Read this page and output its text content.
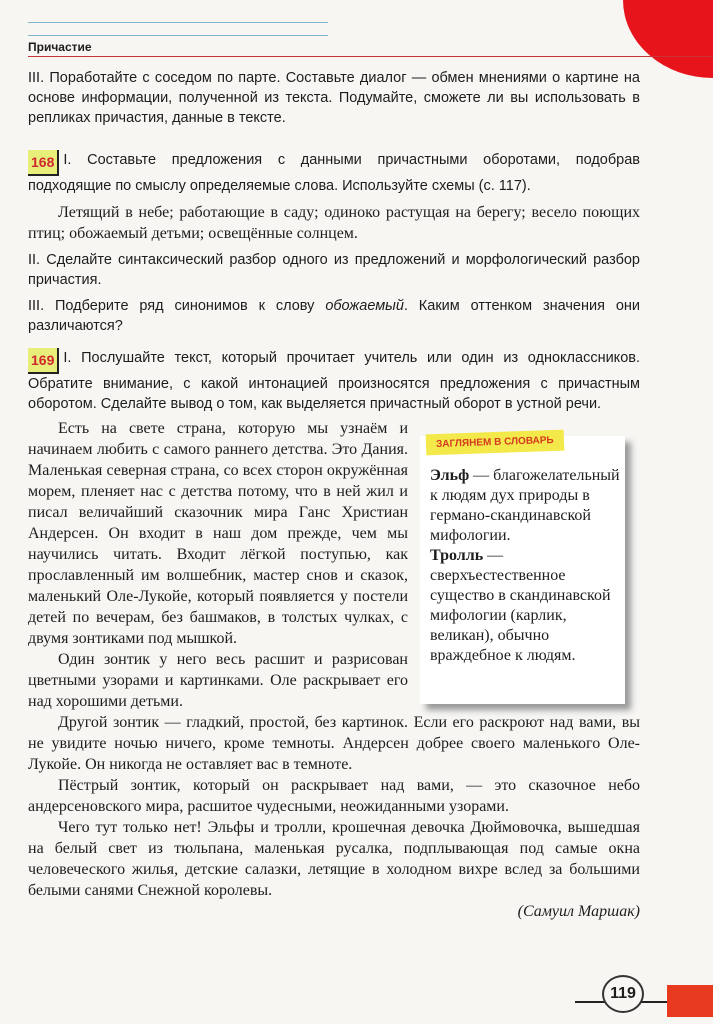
Причастие

III. Поработайте с соседом по парте. Составьте диалог — обмен мнениями о картине на основе информации, полученной из текста. Подумайте, сможете ли вы использовать в репликах причастия, данные в тексте.

168 I. Составьте предложения с данными причастными оборотами, подобрав подходящие по смыслу определяемые слова. Используйте схемы (с. 117).

Летящий в небе; работающие в саду; одиноко растущая на берегу; весело поющих птиц; обожаемый детьми; освещённые солнцем.

II. Сделайте синтаксический разбор одного из предложений и морфологический разбор причастия.

III. Подберите ряд синонимов к слову обожаемый. Каким оттенком значения они различаются?

169 I. Послушайте текст, который прочитает учитель или один из одноклассников. Обратите внимание, с какой интонацией произносятся предложения с причастным оборотом. Сделайте вывод о том, как выделяется причастный оборот в устной речи.

Есть на свете страна, которую мы узнаём и начинаем любить с самого раннего детства. Это Дания. Маленькая северная страна, со всех сторон окружённая морем, пленяет нас с детства потому, что в ней жил и писал величайший сказочник мира Ганс Христиан Андерсен. Он входит в наш дом прежде, чем мы научились читать. Входит лёгкой поступью, как прославленный им волшебник, мастер снов и сказок, маленький Оле-Лукойе, который появляется у постели детей по вечерам, без башмаков, в толстых чулках, с двумя зонтиками под мышкой.

Один зонтик у него весь расшит и разрисован цветными узорами и картинками. Оле раскрывает его над хорошими детьми.

Другой зонтик — гладкий, простой, без картинок. Если его раскроют над вами, вы не увидите ночью ничего, кроме темноты. Андерсен добрее своего маленького Оле-Лукойе. Он никогда не оставляет вас в темноте.

Пёстрый зонтик, который он раскрывает над вами, — это сказочное небо андерсеновского мира, расшитое чудесными, неожиданными узорами.

Чего тут только нет! Эльфы и тролли, крошечная девочка Дюймовочка, вышедшая на белый свет из тюльпана, маленькая русалка, подплывающая под самые окна человеческого жилья, детские салазки, летящие в холодном вихре вслед за большими белыми санями Снежной королевы.

(Самуил Маршак)

ЗАГЛЯНЕМ В СЛОВАРЬ

Эльф — благожелательный к людям дух природы в германо-скандинавской мифологии.

Тролль — сверхъестественное существо в скандинавской мифологии (карлик, великан), обычно враждебное к людям.

119
